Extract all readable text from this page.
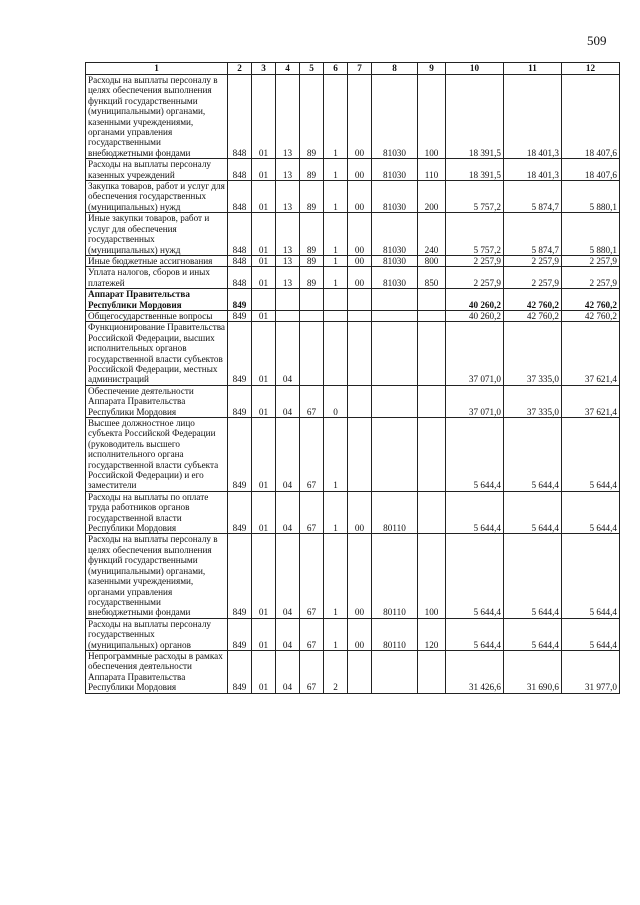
509
1	2	3	4	5	6	7	8	9	10	11	12
Расходы на выплаты персоналу в целях обеспечения выполнения функций государственными (муниципальными) органами, казенными учреждениями, органами управления государственными внебюджетными фондами	848	01	13	89	1	00	81030	100	18 391,5	18 401,3	18 407,6
Расходы на выплаты персоналу казенных учреждений	848	01	13	89	1	00	81030	110	18 391,5	18 401,3	18 407,6
Закупка товаров, работ и услуг для обеспечения государственных (муниципальных) нужд	848	01	13	89	1	00	81030	200	5 757,2	5 874,7	5 880,1
Иные закупки товаров, работ и услуг для обеспечения государственных (муниципальных) нужд	848	01	13	89	1	00	81030	240	5 757,2	5 874,7	5 880,1
Иные бюджетные ассигнования	848	01	13	89	1	00	81030	800	2 257,9	2 257,9	2 257,9
Уплата налогов, сборов и иных платежей	848	01	13	89	1	00	81030	850	2 257,9	2 257,9	2 257,9
Аппарат Правительства Республики Мордовия	849								40 260,2	42 760,2	42 760,2
Общегосударственные вопросы	849	01							40 260,2	42 760,2	42 760,2
Функционирование Правительства Российской Федерации, высших исполнительных органов государственной власти субъектов Российской Федерации, местных администраций	849	01	04						37 071,0	37 335,0	37 621,4
Обеспечение деятельности Аппарата Правительства Республики Мордовия	849	01	04	67	0				37 071,0	37 335,0	37 621,4
Высшее должностное лицо субъекта Российской Федерации (руководитель высшего исполнительного органа государственной власти субъекта Российской Федерации) и его заместители	849	01	04	67	1				5 644,4	5 644,4	5 644,4
Расходы на выплаты по оплате труда работников органов государственной власти Республики Мордовия	849	01	04	67	1	00	80110		5 644,4	5 644,4	5 644,4
Расходы на выплаты персоналу в целях обеспечения выполнения функций государственными (муниципальными) органами, казенными учреждениями, органами управления государственными внебюджетными фондами	849	01	04	67	1	00	80110	100	5 644,4	5 644,4	5 644,4
Расходы на выплаты персоналу государственных (муниципальных) органов	849	01	04	67	1	00	80110	120	5 644,4	5 644,4	5 644,4
Непрограммные расходы в рамках обеспечения деятельности Аппарата Правительства Республики Мордовия	849	01	04	67	2				31 426,6	31 690,6	31 977,0
